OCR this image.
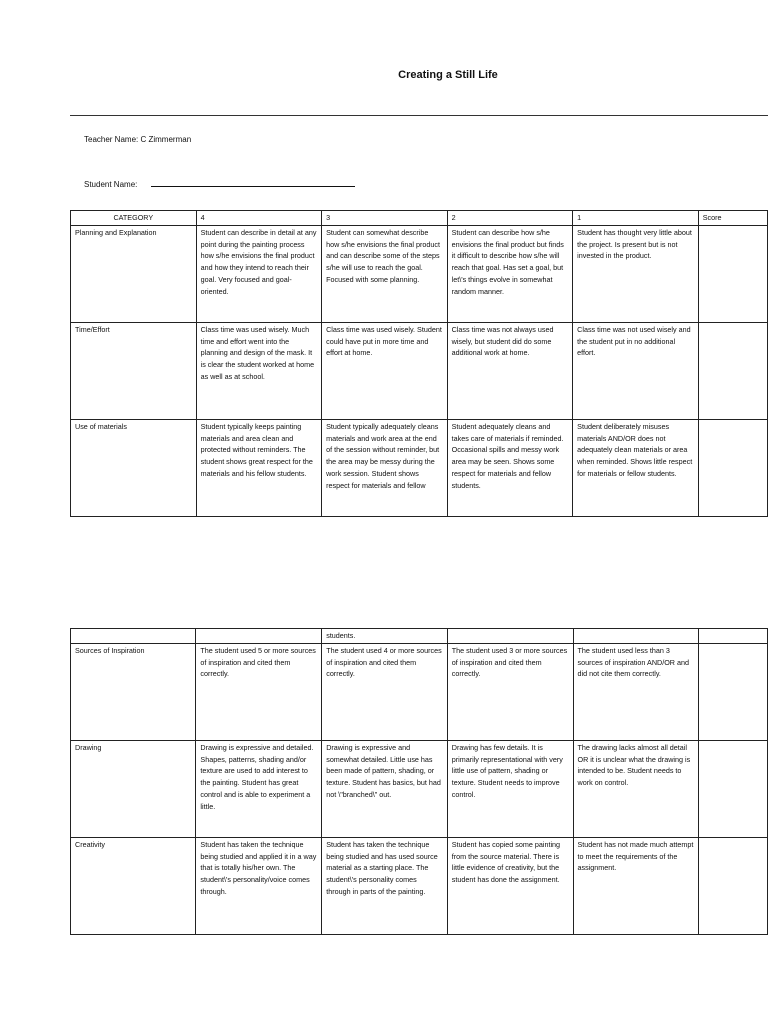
Creating a Still Life
Teacher Name: C Zimmerman
Student Name:
CATEGORY	4	3	2	1	Score
Planning and Explanation	Student can describe in detail at any point during the painting process how s/he envisions the final product and how they intend to reach their goal. Very focused and goal-oriented.	Student can somewhat describe how s/he envisions the final product and can describe some of the steps s/he will use to reach the goal. Focused with some planning.	Student can describe how s/he envisions the final product but finds it difficult to describe how s/he will reach that goal. Has set a goal, but let\'s things evolve in somewhat random manner.	Student has thought very little about the project. Is present but is not invested in the product.	
Time/Effort	Class time was used wisely. Much time and effort went into the planning and design of the mask. It is clear the student worked at home as well as at school.	Class time was used wisely. Student could have put in more time and effort at home.	Class time was not always used wisely, but student did do some additional work at home.	Class time was not used wisely and the student put in no additional effort.	
Use of materials	Student typically keeps painting materials and area clean and protected without reminders. The student shows great respect for the materials and his fellow students.	Student typically adequately cleans materials and work area at the end of the session without reminder, but the area may be messy during the work session. Student shows respect for materials and fellow	Student adequately cleans and takes care of materials if reminded. Occasional spills and messy work area may be seen. Shows some respect for materials and fellow students.	Student deliberately misuses materials AND/OR does not adequately clean materials or area when reminded. Shows little respect for materials or fellow students.	
		students.			
Sources of Inspiration	The student used 5 or more sources of inspiration and cited them correctly.	The student used 4 or more sources of inspiration and cited them correctly.	The student used 3 or more sources of inspiration and cited them correctly.	The student used less than 3 sources of inspiration AND/OR and did not cite them correctly.	
Drawing	Drawing is expressive and detailed. Shapes, patterns, shading and/or texture are used to add interest to the painting. Student has great control and is able to experiment a little.	Drawing is expressive and somewhat detailed. Little use has been made of pattern, shading, or texture. Student has basics, but had not \"branched\" out.	Drawing has few details. It is primarily representational with very little use of pattern, shading or texture. Student needs to improve control.	The drawing lacks almost all detail OR it is unclear what the drawing is intended to be. Student needs to work on control.	
Creativity	Student has taken the technique being studied and applied it in a way that is totally his/her own. The student\'s personality/voice comes through.	Student has taken the technique being studied and has used source material as a starting place. The student\'s personality comes through in parts of the painting.	Student has copied some painting from the source material. There is little evidence of creativity, but the student has done the assignment.	Student has not made much attempt to meet the requirements of the assignment.	
